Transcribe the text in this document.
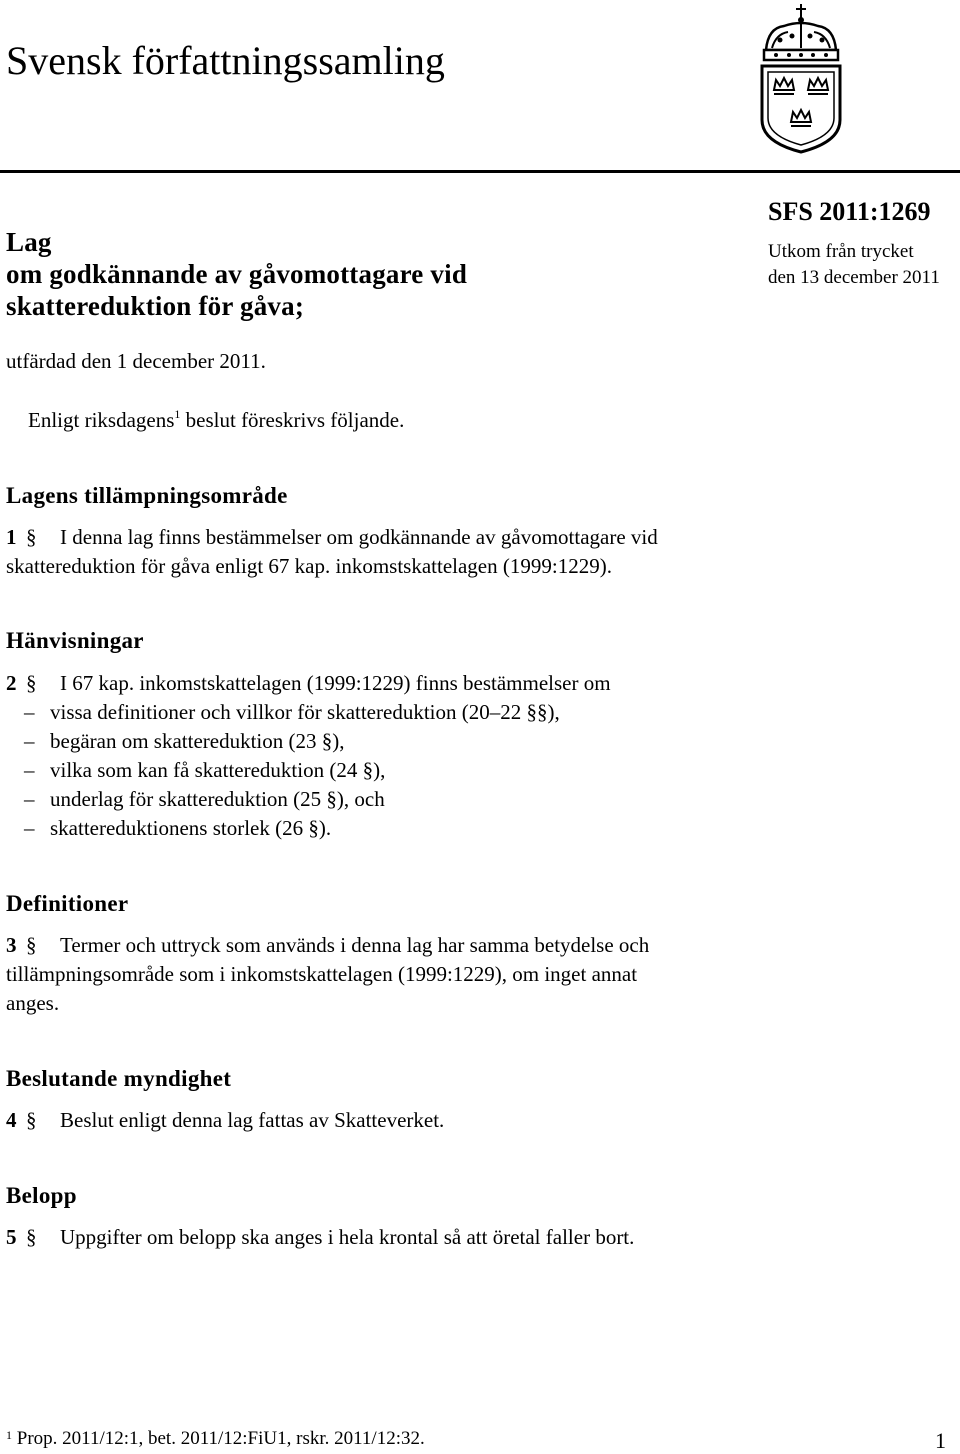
Svensk författningssamling
Lag
om godkännande av gåvomottagare vid
skattereduktion för gåva;
SFS 2011:1269
Utkom från trycket
den 13 december 2011
utfärdad den 1 december 2011.
Enligt riksdagens$^1$ beslut föreskrivs följande.
Lagens tillämpningsområde
1 § I denna lag finns bestämmelser om godkännande av gåvomottagare vid
skattereduktion för gåva enligt 67 kap. inkomstskattelagen (1999:1229).
Hänvisningar
2 § I 67 kap. inkomstskattelagen (1999:1229) finns bestämmelser om
– vissa definitioner och villkor för skattereduktion (20–22 §§),
– begäran om skattereduktion (23 §),
– vilka som kan få skattereduktion (24 §),
– underlag för skattereduktion (25 §), och
– skattereduktionens storlek (26 §).
Definitioner
3 § Termer och uttryck som används i denna lag har samma betydelse och
tillämpningsområde som i inkomstskattelagen (1999:1229), om inget annat
anges.
Beslutande myndighet
4 § Beslut enligt denna lag fattas av Skatteverket.
Belopp
5 § Uppgifter om belopp ska anges i hela krontal så att öretal faller bort.
$^1$ Prop. 2011/12:1, bet. 2011/12:FiU1, rskr. 2011/12:32.	1
